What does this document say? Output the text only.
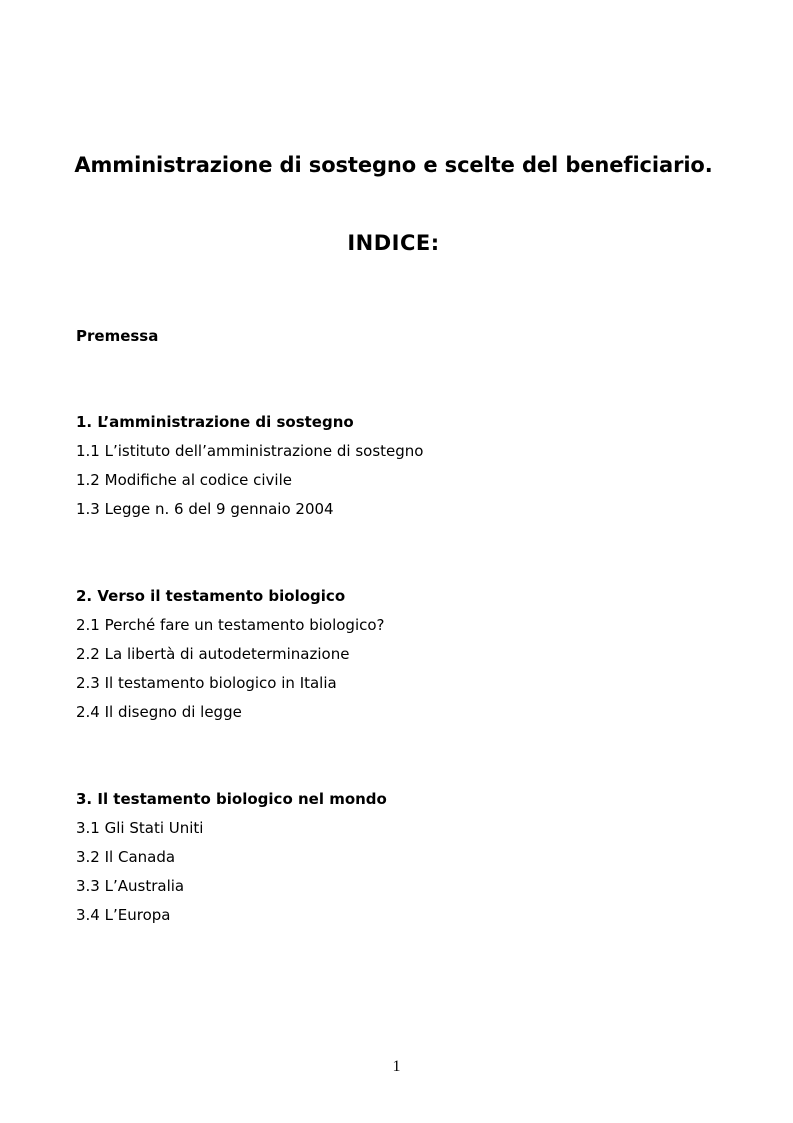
Amministrazione di sostegno e scelte del beneficiario.
INDICE:
Premessa
1. L’amministrazione di sostegno
1.1 L’istituto dell’amministrazione di sostegno
1.2 Modifiche al codice civile
1.3 Legge n. 6 del 9 gennaio 2004
2. Verso il testamento biologico
2.1 Perché fare un testamento biologico?
2.2 La libertà di autodeterminazione
2.3 Il testamento biologico in Italia
2.4 Il disegno di legge
3. Il testamento biologico nel mondo
3.1 Gli Stati Uniti
3.2 Il Canada
3.3 L’Australia
3.4 L’Europa
1
